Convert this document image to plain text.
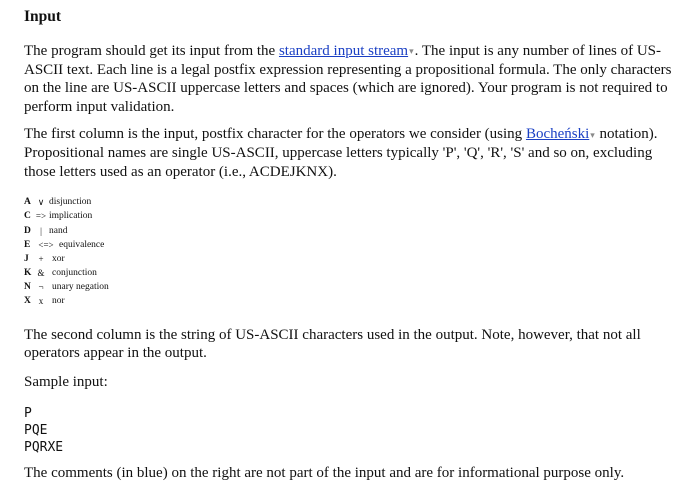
Input

The program should get its input from the standard input stream▾. The input is any number of lines of US-ASCII text. Each line is a legal postfix expression representing a propositional formula. The only characters on the line are US-ASCII uppercase letters and spaces (which are ignored). Your program is not required to perform input validation.

The first column is the input, postfix character for the operators we consider (using Bocheński▾ notation). Propositional names are single US-ASCII, uppercase letters typically 'P', 'Q', 'R', 'S' and so on, excluding those letters used as an operator (i.e., ACDEJKNX).

A ∨ disjunction
C => implication
D	| nand
E <=> equivalence
J	+ xor
K & conjunction
N ¬ unary negation
X x nor

The second column is the string of US-ASCII characters used in the output. Note, however, that not all operators appear in the output.

Sample input:

P
PQE
PQRXE

The comments (in blue) on the right are not part of the input and are for informational purpose only.
